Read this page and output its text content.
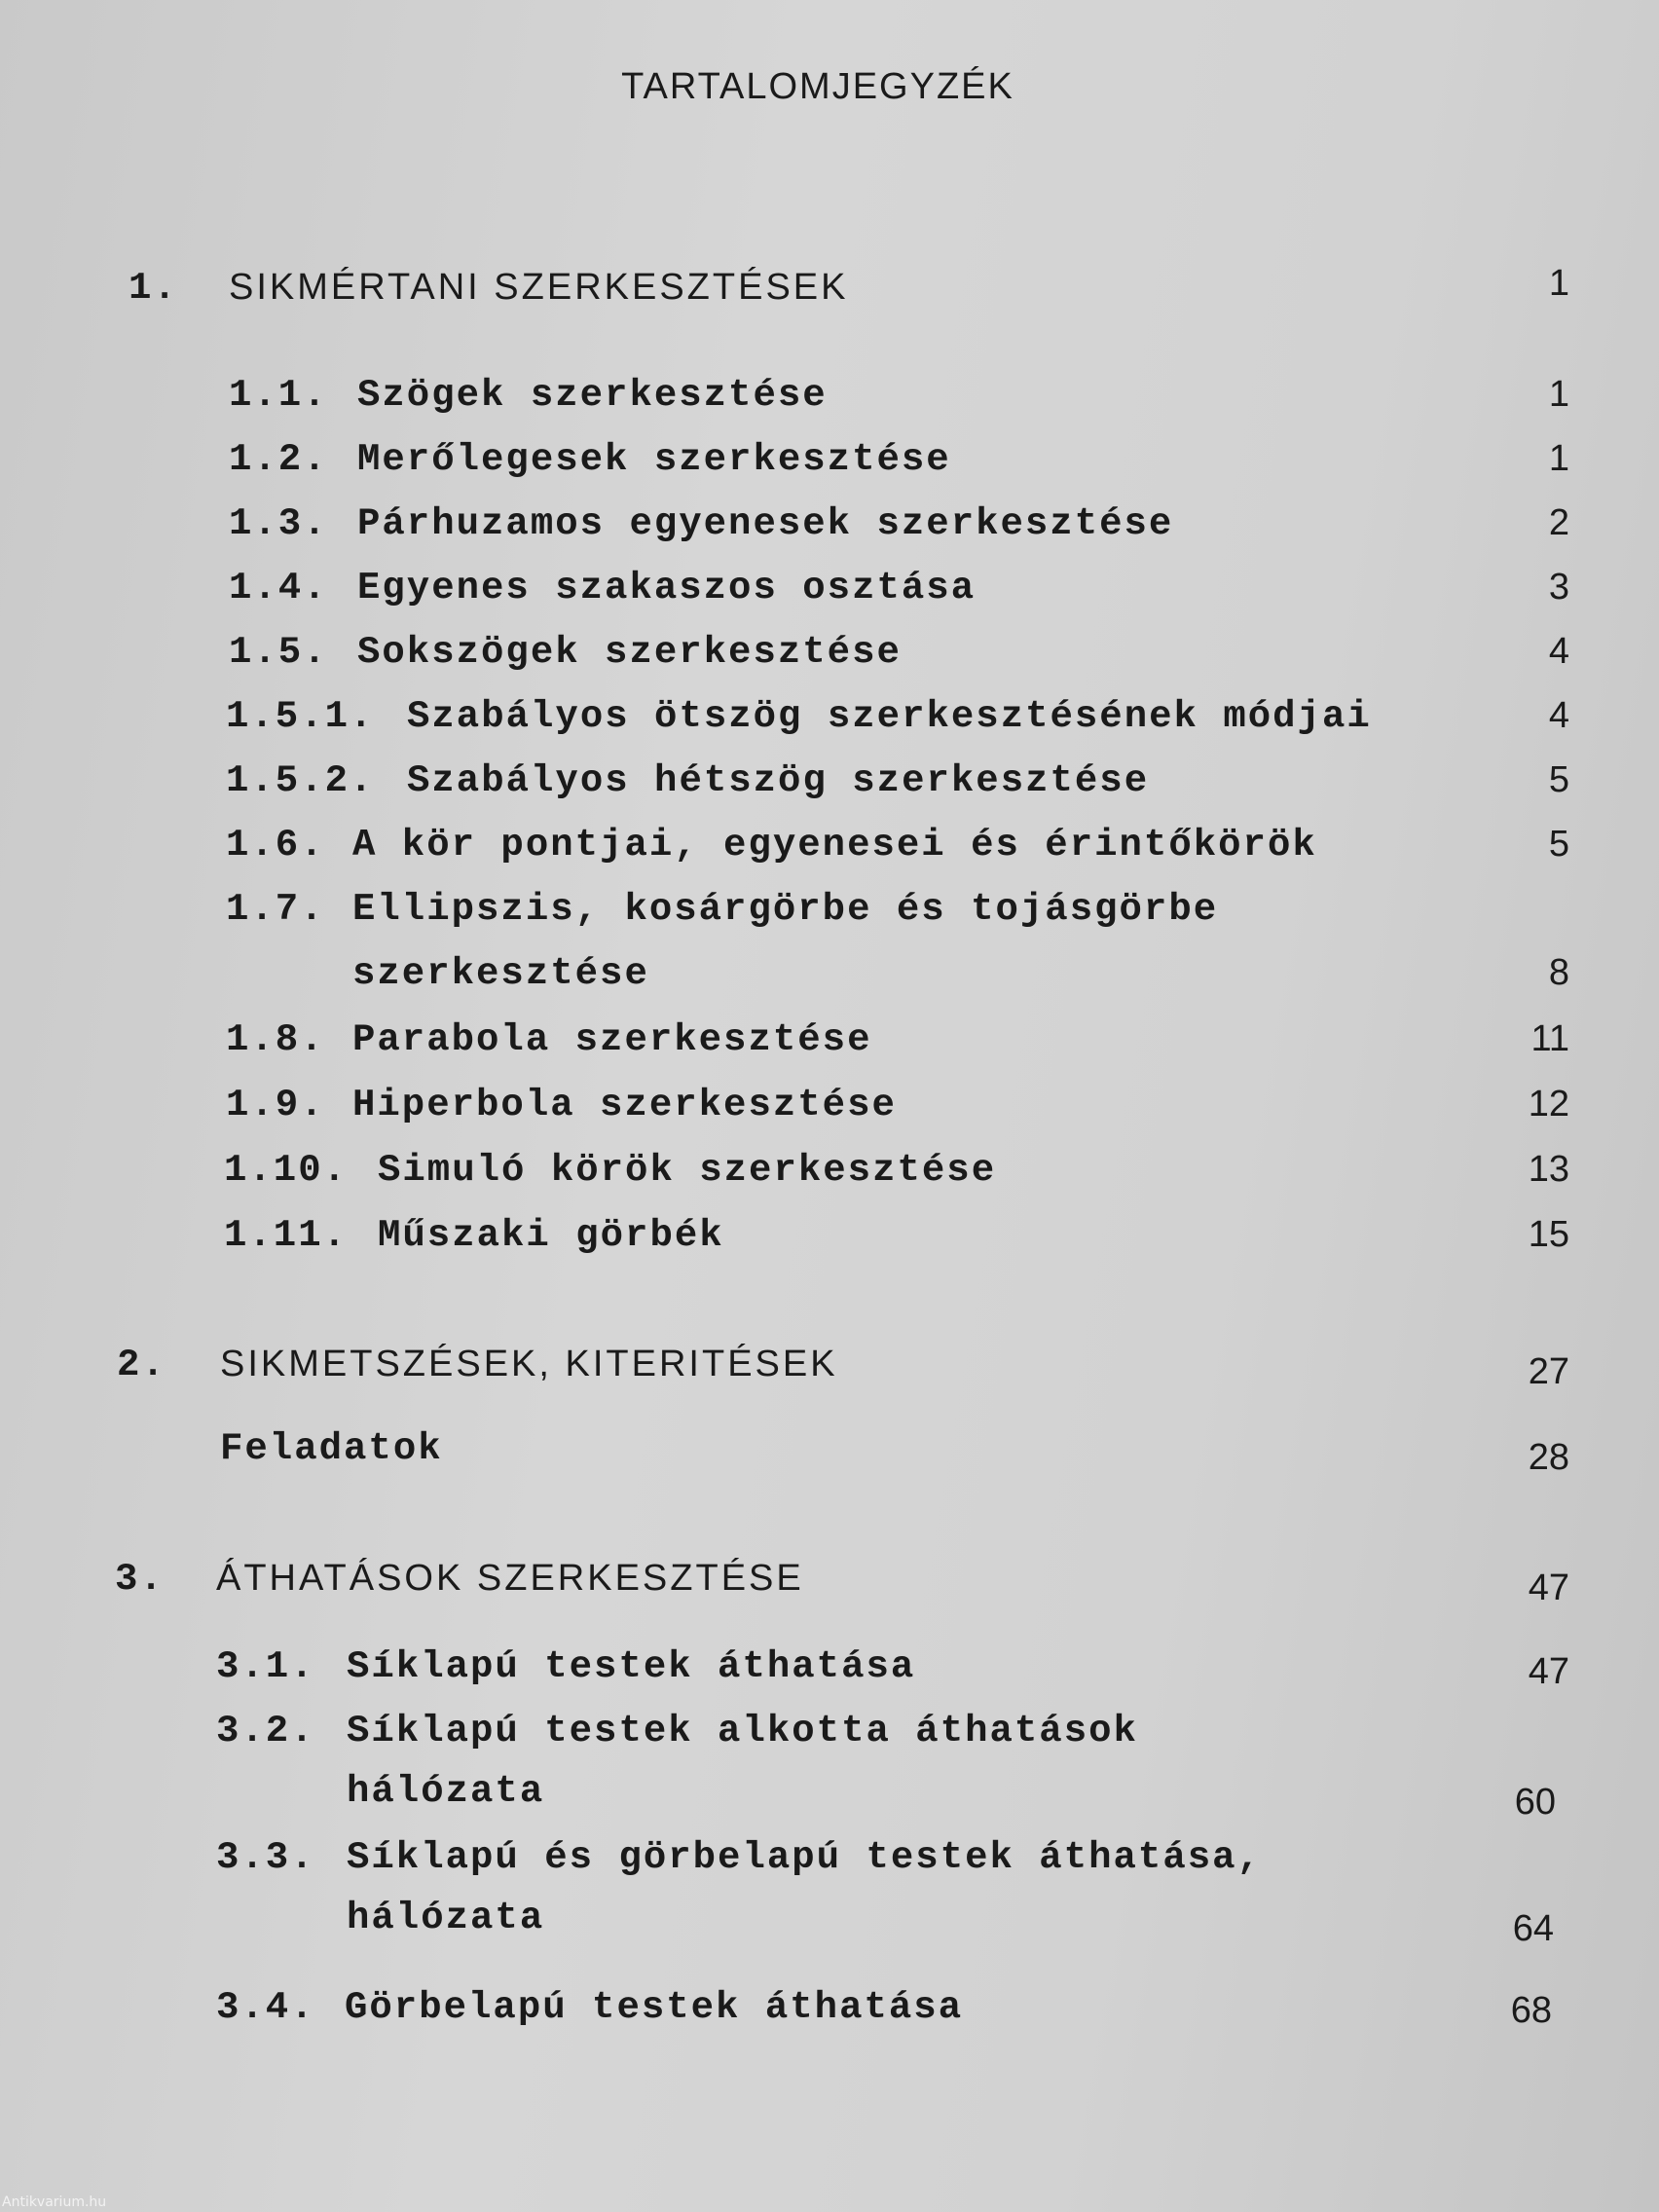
TARTALOMJEGYZÉK
1. SIKMÉRTANI SZERKESZTÉSEK	1
1.1. Szögek szerkesztése	1
1.2. Merőlegesek szerkesztése	1
1.3. Párhuzamos egyenesek szerkesztése	2
1.4. Egyenes szakaszos osztása	3
1.5. Sokszögek szerkesztése	4
1.5.1. Szabályos ötszög szerkesztésének módjai	4
1.5.2. Szabályos hétszög szerkesztése	5
1.6. A kör pontjai, egyenesei és érintőkörök	5
1.7. Ellipszis, kosárgörbe és tojásgörbe
szerkesztése	8
1.8. Parabola szerkesztése	11
1.9. Hiperbola szerkesztése	12
1.10. Simuló körök szerkesztése	13
1.11. Műszaki görbék	15
2. SIKMETSZÉSEK, KITERITÉSEK	27
Feladatok	28
3. ÁTHATÁSOK SZERKESZTÉSE	47
3.1. Síklapú testek áthatása	47
3.2. Síklapú testek alkotta áthatások
hálózata	60
3.3. Síklapú és görbelapú testek áthatása,
hálózata	64
3.4. Görbelapú testek áthatása	68
Antikvarium.hu
